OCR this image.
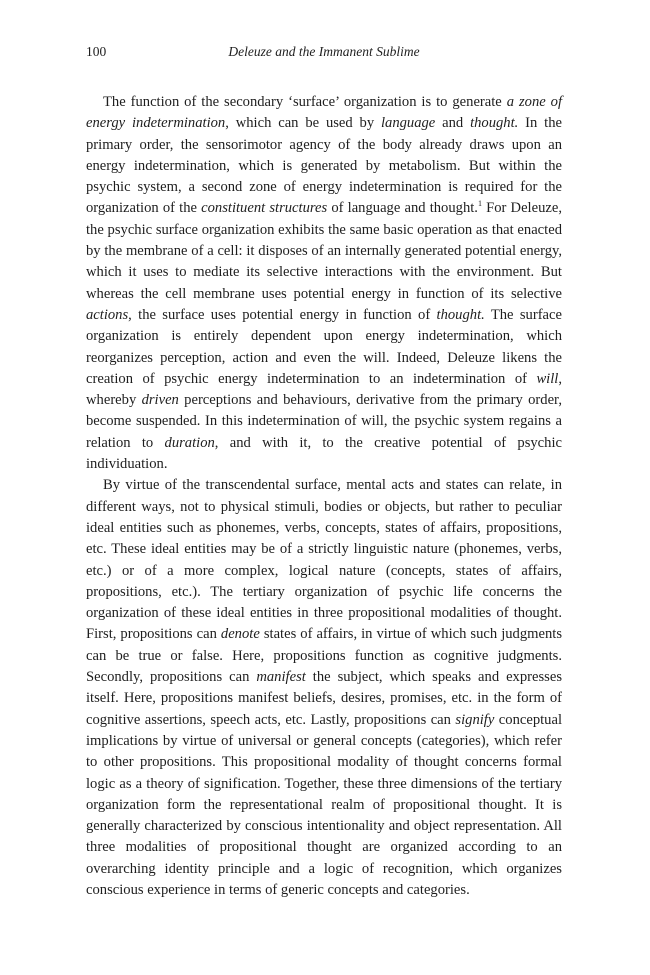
100	Deleuze and the Immanent Sublime

The function of the secondary ‘surface’ organization is to generate a zone of energy indetermination, which can be used by language and thought. In the primary order, the sensorimotor agency of the body already draws upon an energy indetermination, which is generated by metabolism. But within the psychic system, a second zone of energy indetermination is required for the organization of the constituent structures of language and thought.$^1$ For Deleuze, the psychic surface organization exhibits the same basic operation as that enacted by the membrane of a cell: it disposes of an internally generated potential energy, which it uses to mediate its selective interactions with the environment. But whereas the cell membrane uses potential energy in function of its selective actions, the surface uses potential energy in function of thought. The surface organization is entirely dependent upon energy indetermination, which reorganizes perception, action and even the will. Indeed, Deleuze likens the creation of psychic energy indetermination to an indetermination of will, whereby driven perceptions and behaviours, derivative from the primary order, become suspended. In this indetermination of will, the psychic system regains a relation to duration, and with it, to the creative potential of psychic individuation.

By virtue of the transcendental surface, mental acts and states can relate, in different ways, not to physical stimuli, bodies or objects, but rather to peculiar ideal entities such as phonemes, verbs, concepts, states of affairs, propositions, etc. These ideal entities may be of a strictly linguistic nature (phonemes, verbs, etc.) or of a more complex, logical nature (concepts, states of affairs, propositions, etc.). The tertiary organization of psychic life concerns the organization of these ideal entities in three propositional modalities of thought. First, propositions can denote states of affairs, in virtue of which such judgments can be true or false. Here, propositions function as cognitive judgments. Secondly, propositions can manifest the subject, which speaks and expresses itself. Here, propositions manifest beliefs, desires, promises, etc. in the form of cognitive assertions, speech acts, etc. Lastly, propositions can signify conceptual implications by virtue of universal or general concepts (categories), which refer to other propositions. This propositional modality of thought concerns formal logic as a theory of signification. Together, these three dimensions of the tertiary organization form the representational realm of propositional thought. It is generally characterized by conscious intentionality and object representation. All three modalities of propositional thought are organized according to an overarching identity principle and a logic of recognition, which organizes conscious experience in terms of generic concepts and categories.
